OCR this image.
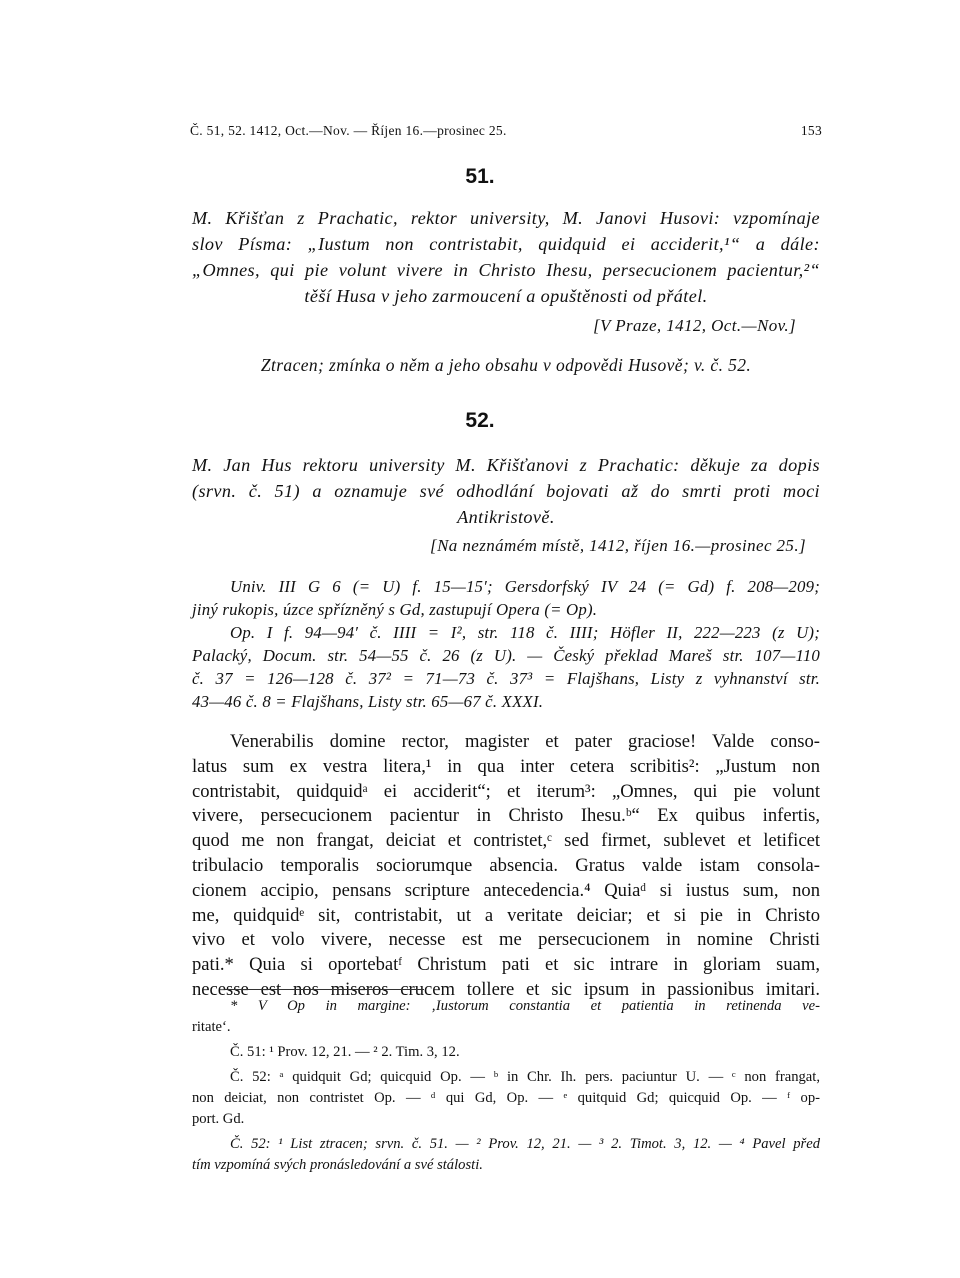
Č. 51, 52. 1412, Oct.—Nov. — Říjen 16.—prosinec 25.	153
51.
M. Křišťan z Prachatic, rektor university, M. Janovi Husovi: vzpomínaje
slov Písma: „Iustum non contristabit, quidquid ei acciderit,¹“ a dále:
„Omnes, qui pie volunt vivere in Christo Ihesu, persecucionem pacientur,²“
těší Husa v jeho zarmoucení a opuštěnosti od přátel.
[V Praze, 1412, Oct.—Nov.]
Ztracen; zmínka o něm a jeho obsahu v odpovědi Husově; v. č. 52.
52.
M. Jan Hus rektoru university M. Křišťanovi z Prachatic: děkuje za dopis
(srvn. č. 51) a oznamuje své odhodlání bojovati až do smrti proti moci
Antikristově.
[Na neznámém místě, 1412, říjen 16.—prosinec 25.]
Univ. III G 6 (= U) f. 15—15′; Gersdorfský IV 24 (= Gd) f. 208—209;
jiný rukopis, úzce spřízněný s Gd, zastupují Opera (= Op).
Op. I f. 94—94′ č. IIII = I², str. 118 č. IIII; Höfler II, 222—223 (z U);
Palacký, Docum. str. 54—55 č. 26 (z U). — Český překlad Mareš str. 107—110
č. 37 = 126—128 č. 37² = 71—73 č. 37³ = Flajšhans, Listy z vyhnanství str.
43—46 č. 8 = Flajšhans, Listy str. 65—67 č. XXXI.
Venerabilis domine rector, magister et pater graciose! Valde conso-
latus sum ex vestra litera,¹ in qua inter cetera scribitis²: „Justum non
contristabit, quidquidᵃ ei acciderit“; et iterum³: „Omnes, qui pie volunt
vivere, persecucionem pacientur in Christo Ihesu.ᵇ“ Ex quibus infertis,
quod me non frangat, deiciat et contristet,ᶜ sed firmet, sublevet et letificet
tribulacio temporalis sociorumque absencia. Gratus valde istam consola-
cionem accipio, pensans scripture antecedencia.⁴ Quiaᵈ si iustus sum, non
me, quidquidᵉ sit, contristabit, ut a veritate deiciar; et si pie in Christo
vivo et volo vivere, necesse est me persecucionem in nomine Christi
pati.* Quia si oportebatᶠ Christum pati et sic intrare in gloriam suam,
necesse est nos miseros crucem tollere et sic ipsum in passionibus imitari.
* V Op in margine: ‚Iustorum constantia et patientia in retinenda ve-
ritate‘.
Č. 51: ¹ Prov. 12, 21. — ² 2. Tim. 3, 12.
Č. 52: ᵃ quidquit Gd; quicquid Op. — ᵇ in Chr. Ih. pers. paciuntur U. — ᶜ non frangat,
non deiciat, non contristet Op. — ᵈ qui Gd, Op. — ᵉ quitquid Gd; quicquid Op. — ᶠ op-
port. Gd.
Č. 52: ¹ List ztracen; srvn. č. 51. — ² Prov. 12, 21. — ³ 2. Timot. 3, 12. — ⁴ Pavel před
tím vzpomíná svých pronásledování a své stálosti.
